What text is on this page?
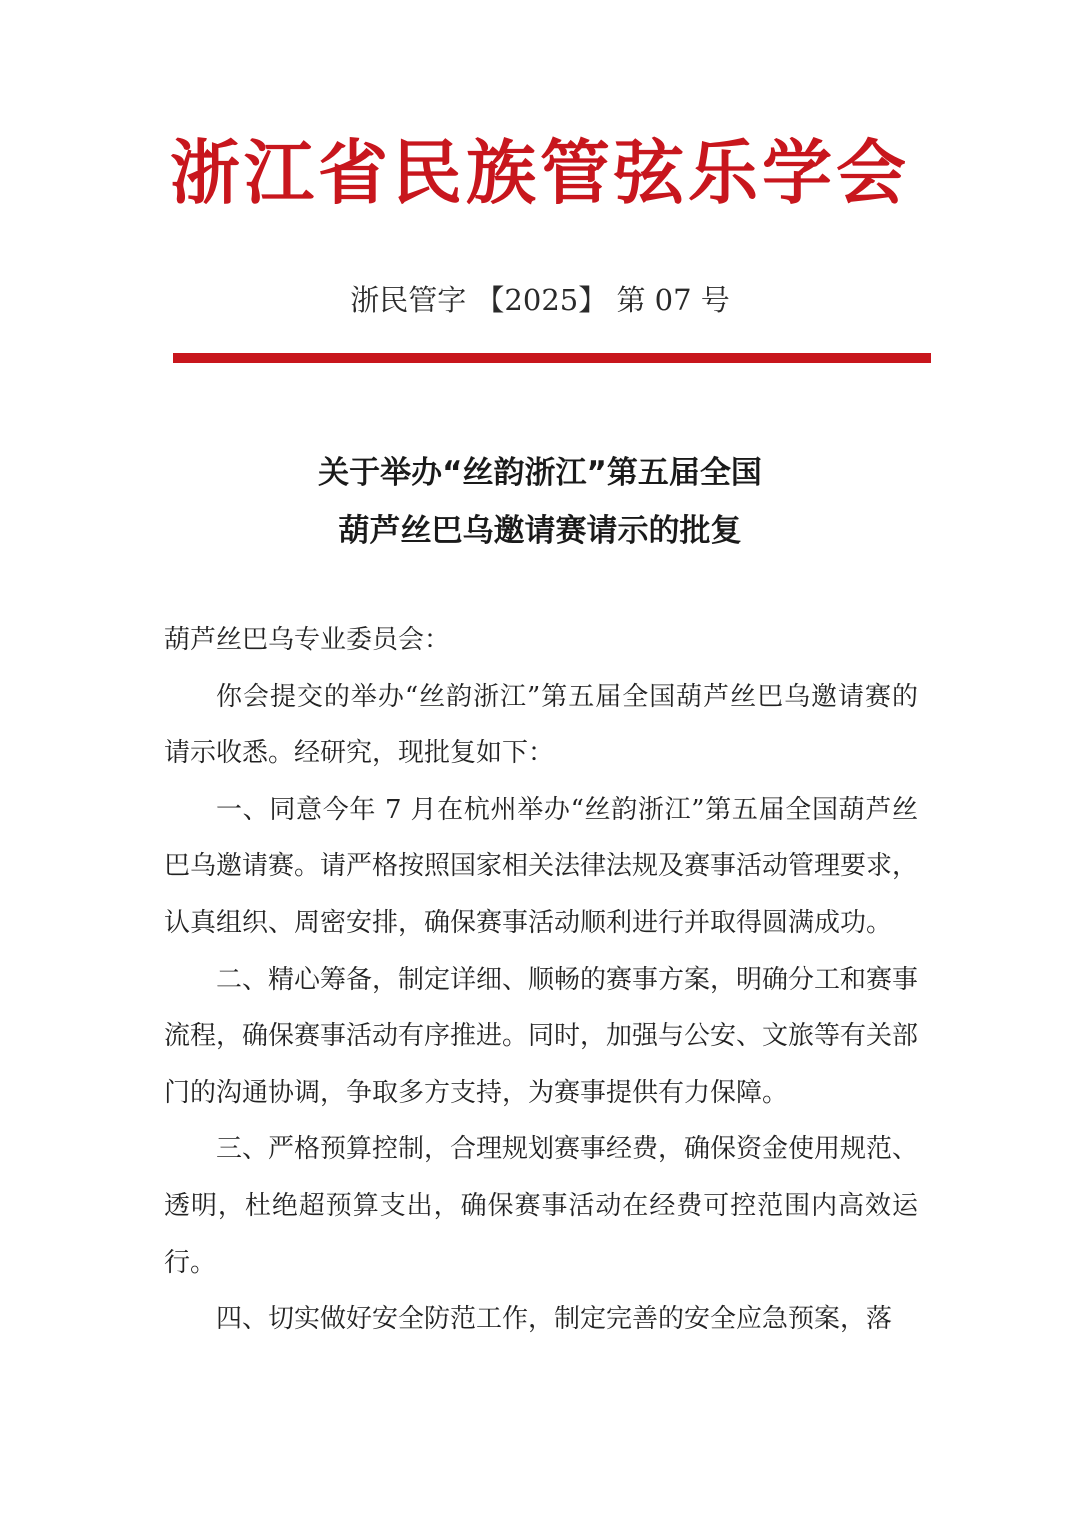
浙江省民族管弦乐学会
浙民管字 【2025】 第 07 号
关于举办“丝韵浙江”第五届全国
葫芦丝巴乌邀请赛请示的批复

葫芦丝巴乌专业委员会：

你会提交的举办“丝韵浙江”第五届全国葫芦丝巴乌邀请赛的请示收悉。经研究，现批复如下：

一、同意今年 7 月在杭州举办“丝韵浙江”第五届全国葫芦丝巴乌邀请赛。请严格按照国家相关法律法规及赛事活动管理要求，认真组织、周密安排，确保赛事活动顺利进行并取得圆满成功。

二、精心筹备，制定详细、顺畅的赛事方案，明确分工和赛事流程，确保赛事活动有序推进。同时，加强与公安、文旅等有关部门的沟通协调，争取多方支持，为赛事提供有力保障。

三、严格预算控制，合理规划赛事经费，确保资金使用规范、透明，杜绝超预算支出，确保赛事活动在经费可控范围内高效运行。

四、切实做好安全防范工作，制定完善的安全应急预案，落
